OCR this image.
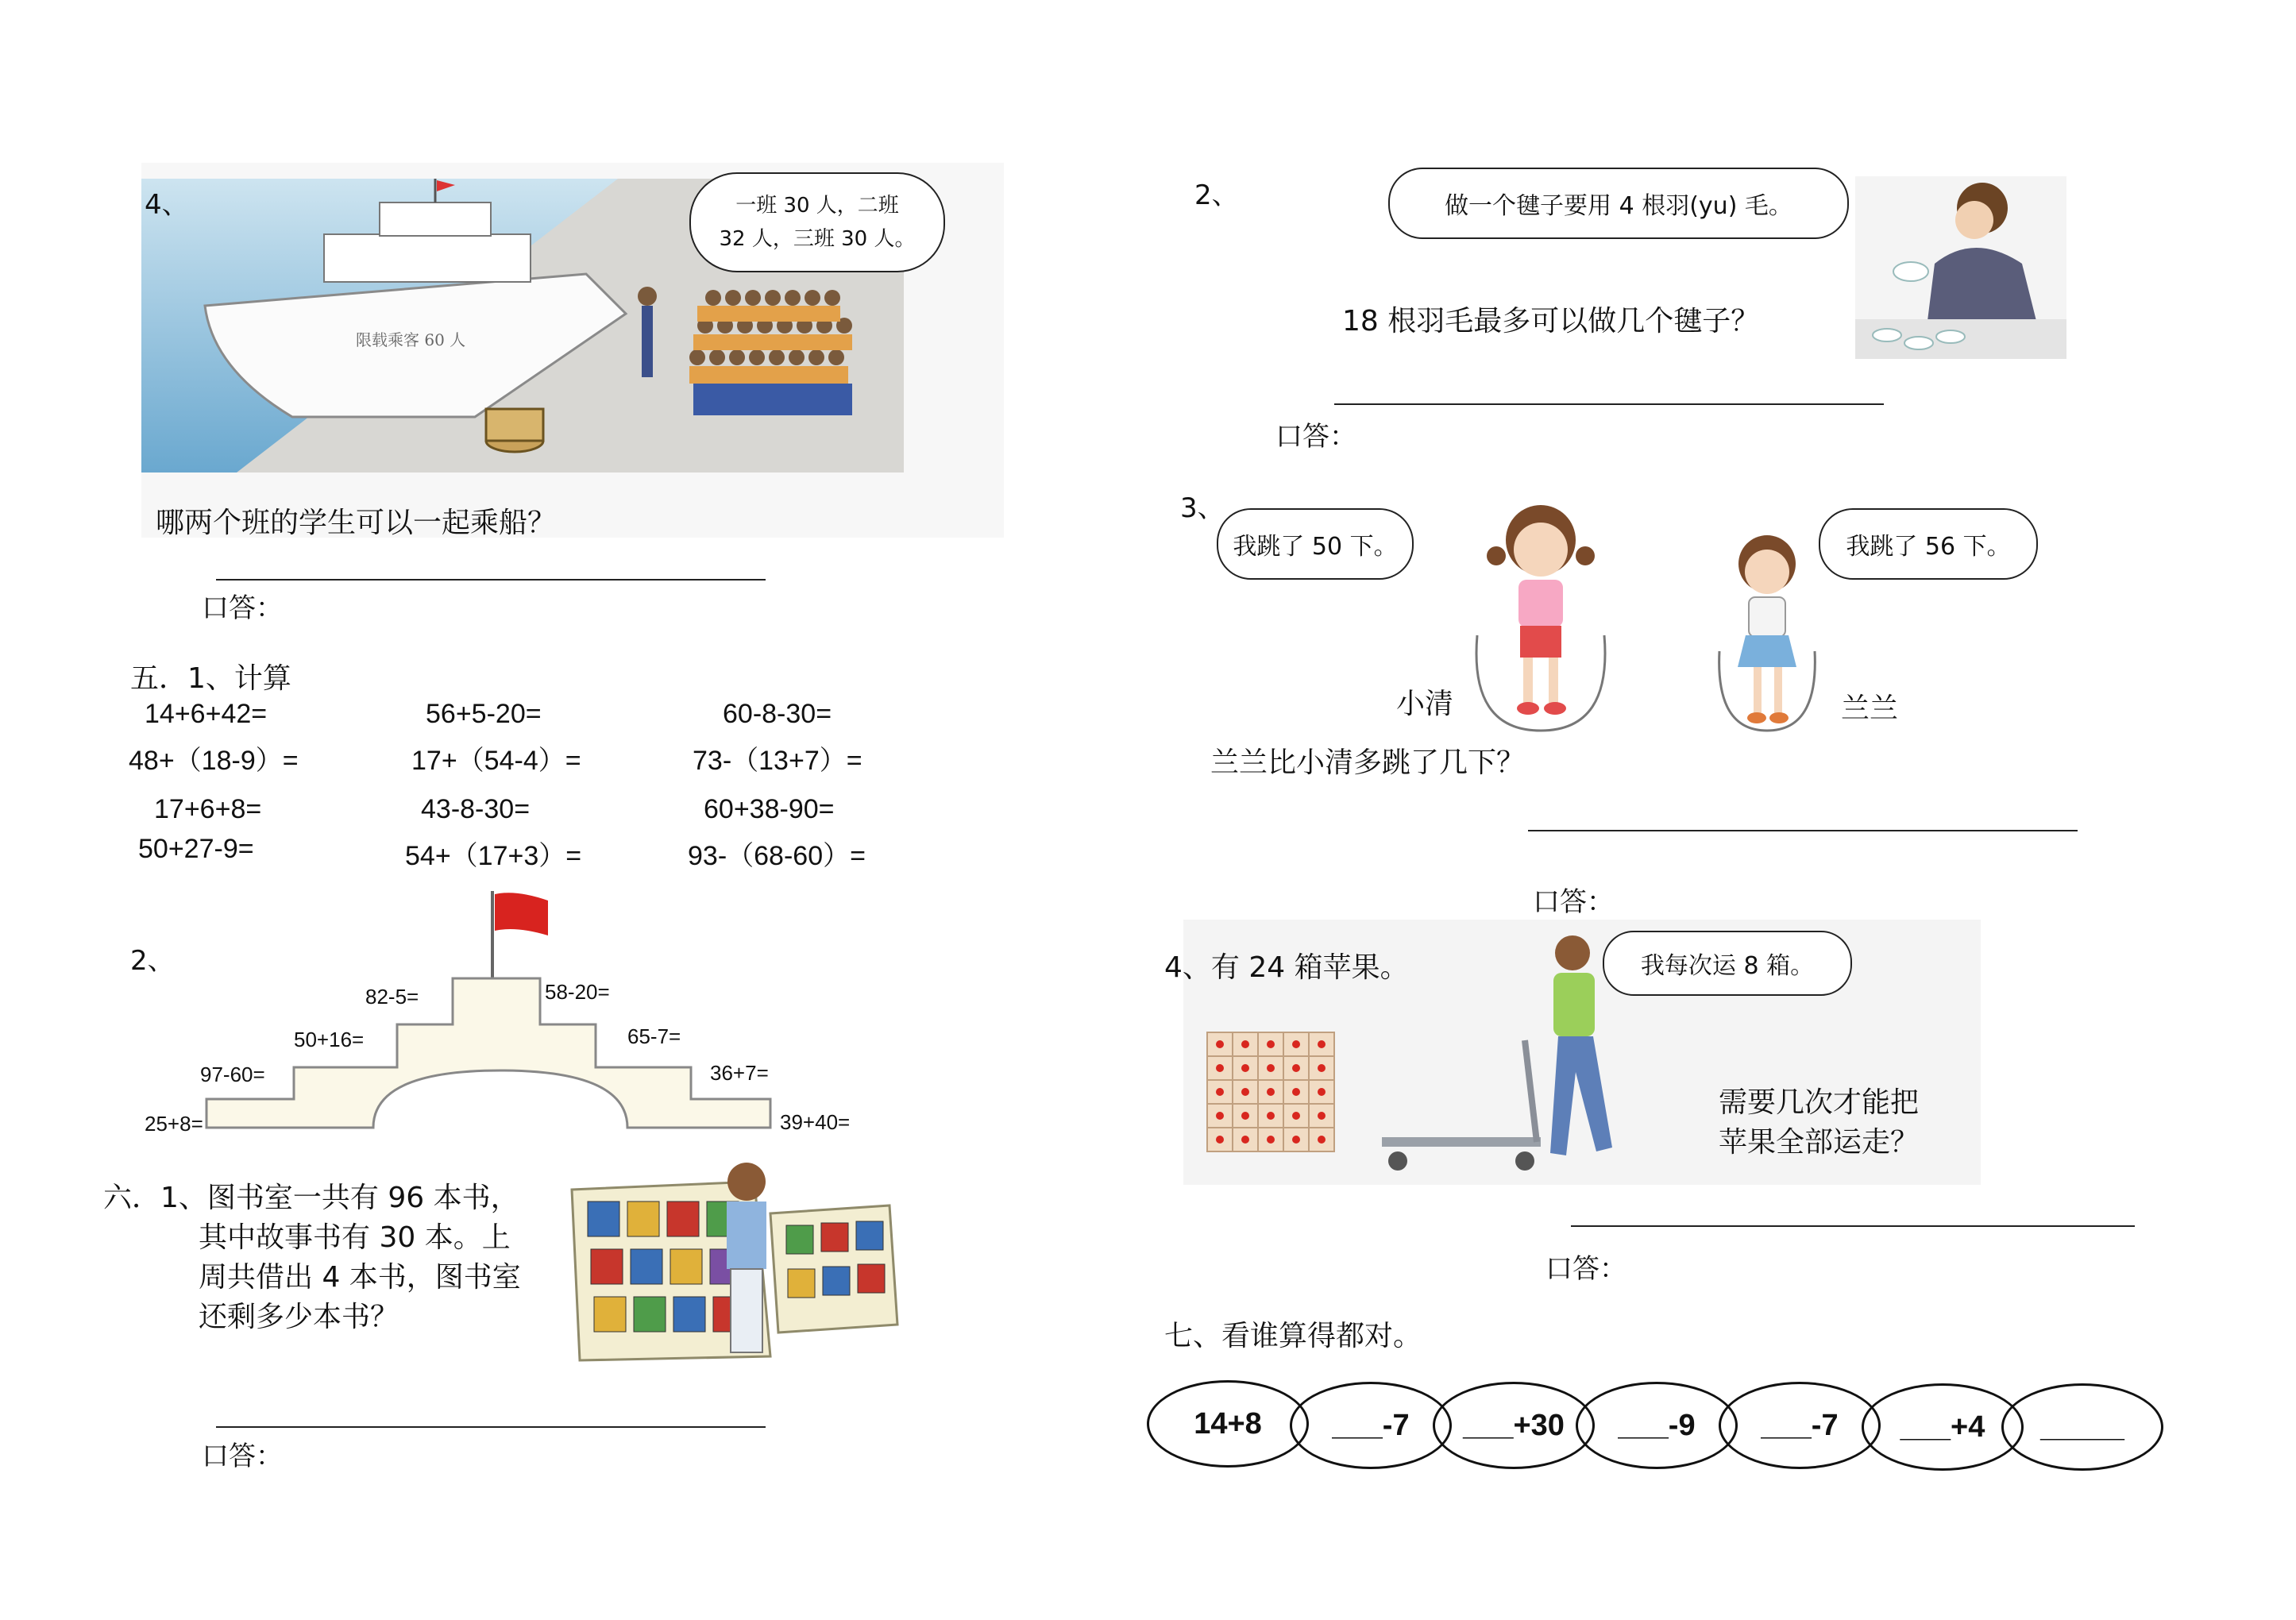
限载乘客 60 人
4、	一班 30 人，二班
32 人，三班 30 人。
哪两个班的学生可以一起乘船？
口答：
五．1、计算
14+6+42=	56+5-20=	60-8-30=
48+（18-9）=	17+（54-4）=	73-（13+7）=
17+6+8=	43-8-30=	60+38-90=
50+27-9=	54+（17+3）=	93-（68-60）=
2、
82-5=	58-20=
50+16=	65-7=
97-60=	36+7=
25+8=	39+40=
六．1、图书室一共有 96 本书，
其中故事书有 30 本。上
周共借出 4 本书，图书室
还剩多少本书？
口答：
2、	做一个毽子要用 4 根羽(yu) 毛。
18 根羽毛最多可以做几个毽子？
口答：
3、
我跳了 50 下。	我跳了 56 下。
小清	兰兰
兰兰比小清多跳了几下？
口答：
4、有 24 箱苹果。	我每次运 8 箱。
需要几次才能把
苹果全部运走？
口答：
七、看谁算得都对。
14+8 ___-7 ___+30 ___-9 ___-7 ___+4 _____
